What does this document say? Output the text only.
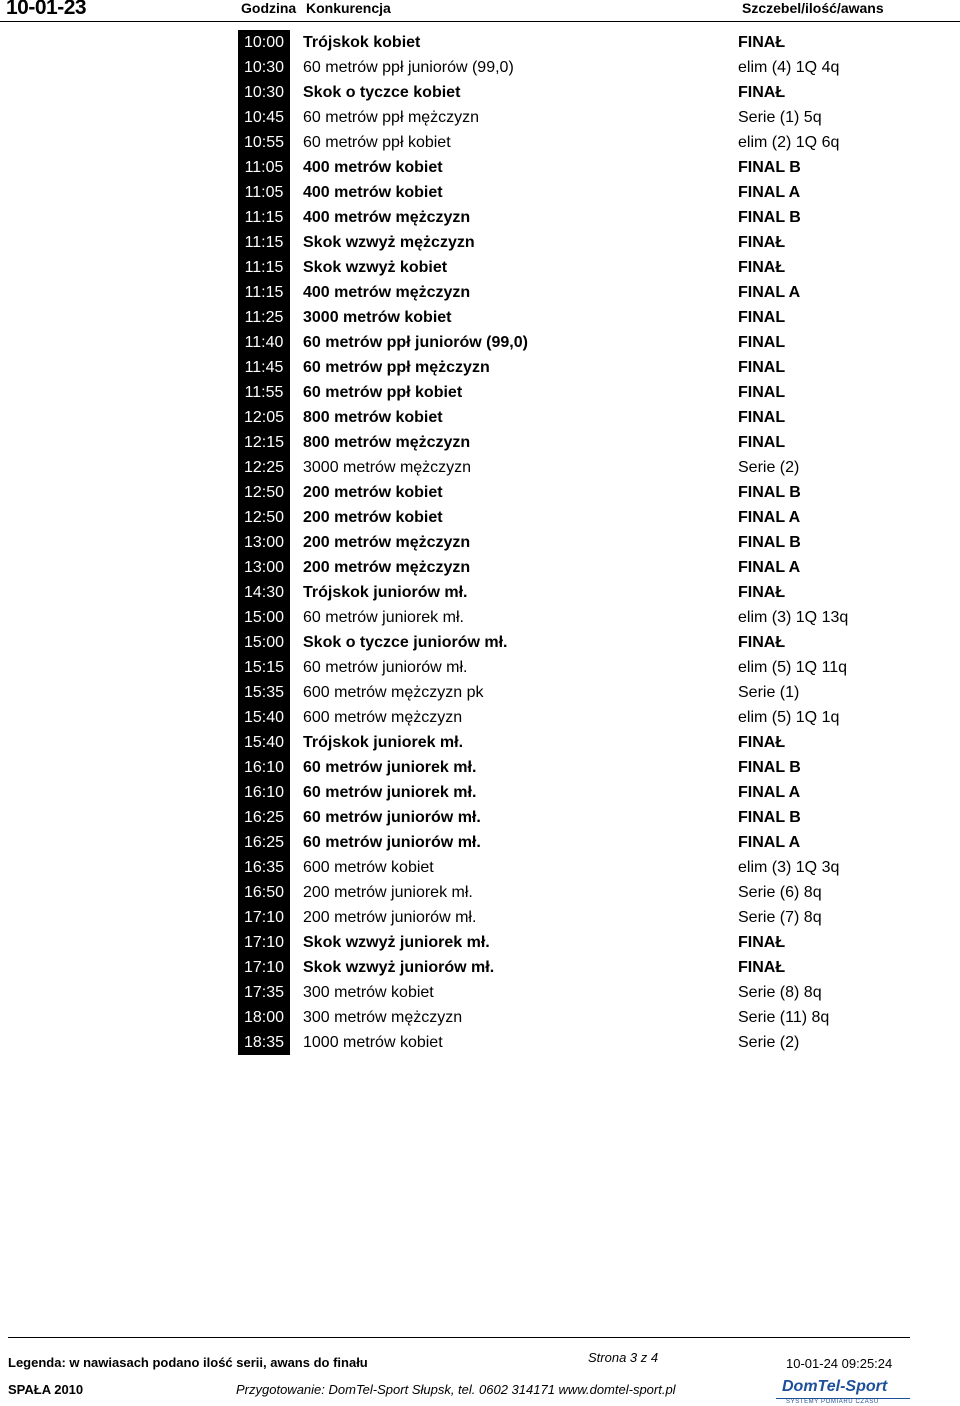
10-01-23	Godzina Konkurencja	Szczebel/ilość/awans
10:00	Trójskok kobiet	FINAŁ
10:30	60 metrów ppł juniorów (99,0)	elim (4) 1Q 4q
10:30	Skok o tyczce kobiet	FINAŁ
10:45	60 metrów ppł mężczyzn	Serie (1) 5q
10:55	60 metrów ppł kobiet	elim (2) 1Q 6q
11:05	400 metrów kobiet	FINAL B
11:05	400 metrów kobiet	FINAL A
11:15	400 metrów mężczyzn	FINAL B
11:15	Skok wzwyż mężczyzn	FINAŁ
11:15	Skok wzwyż kobiet	FINAŁ
11:15	400 metrów mężczyzn	FINAL A
11:25	3000 metrów kobiet	FINAL
11:40	60 metrów ppł juniorów (99,0)	FINAL
11:45	60 metrów ppł mężczyzn	FINAL
11:55	60 metrów ppł kobiet	FINAL
12:05	800 metrów kobiet	FINAL
12:15	800 metrów mężczyzn	FINAL
12:25	3000 metrów mężczyzn	Serie (2)
12:50	200 metrów kobiet	FINAL B
12:50	200 metrów kobiet	FINAL A
13:00	200 metrów mężczyzn	FINAL B
13:00	200 metrów mężczyzn	FINAL A
14:30	Trójskok juniorów mł.	FINAŁ
15:00	60 metrów juniorek mł.	elim (3) 1Q 13q
15:00	Skok o tyczce juniorów mł.	FINAŁ
15:15	60 metrów juniorów mł.	elim (5) 1Q 11q
15:35	600 metrów mężczyzn pk	Serie (1)
15:40	600 metrów mężczyzn	elim (5) 1Q 1q
15:40	Trójskok juniorek mł.	FINAŁ
16:10	60 metrów juniorek mł.	FINAL B
16:10	60 metrów juniorek mł.	FINAL A
16:25	60 metrów juniorów mł.	FINAL B
16:25	60 metrów juniorów mł.	FINAL A
16:35	600 metrów kobiet	elim (3) 1Q 3q
16:50	200 metrów juniorek mł.	Serie (6) 8q
17:10	200 metrów juniorów mł.	Serie (7) 8q
17:10	Skok wzwyż juniorek mł.	FINAŁ
17:10	Skok wzwyż juniorów mł.	FINAŁ
17:35	300 metrów kobiet	Serie (8) 8q
18:00	300 metrów mężczyzn	Serie (11) 8q
18:35	1000 metrów kobiet	Serie (2)
Legenda: w nawiasach podano ilość serii, awans do finału	Strona 3 z 4	10-01-24 09:25:24
SPAŁA 2010	Przygotowanie: DomTel-Sport Słupsk, tel. 0602 314171 www.domtel-sport.pl	DomTel-Sport
SYSTEMY POMIARU CZASU
